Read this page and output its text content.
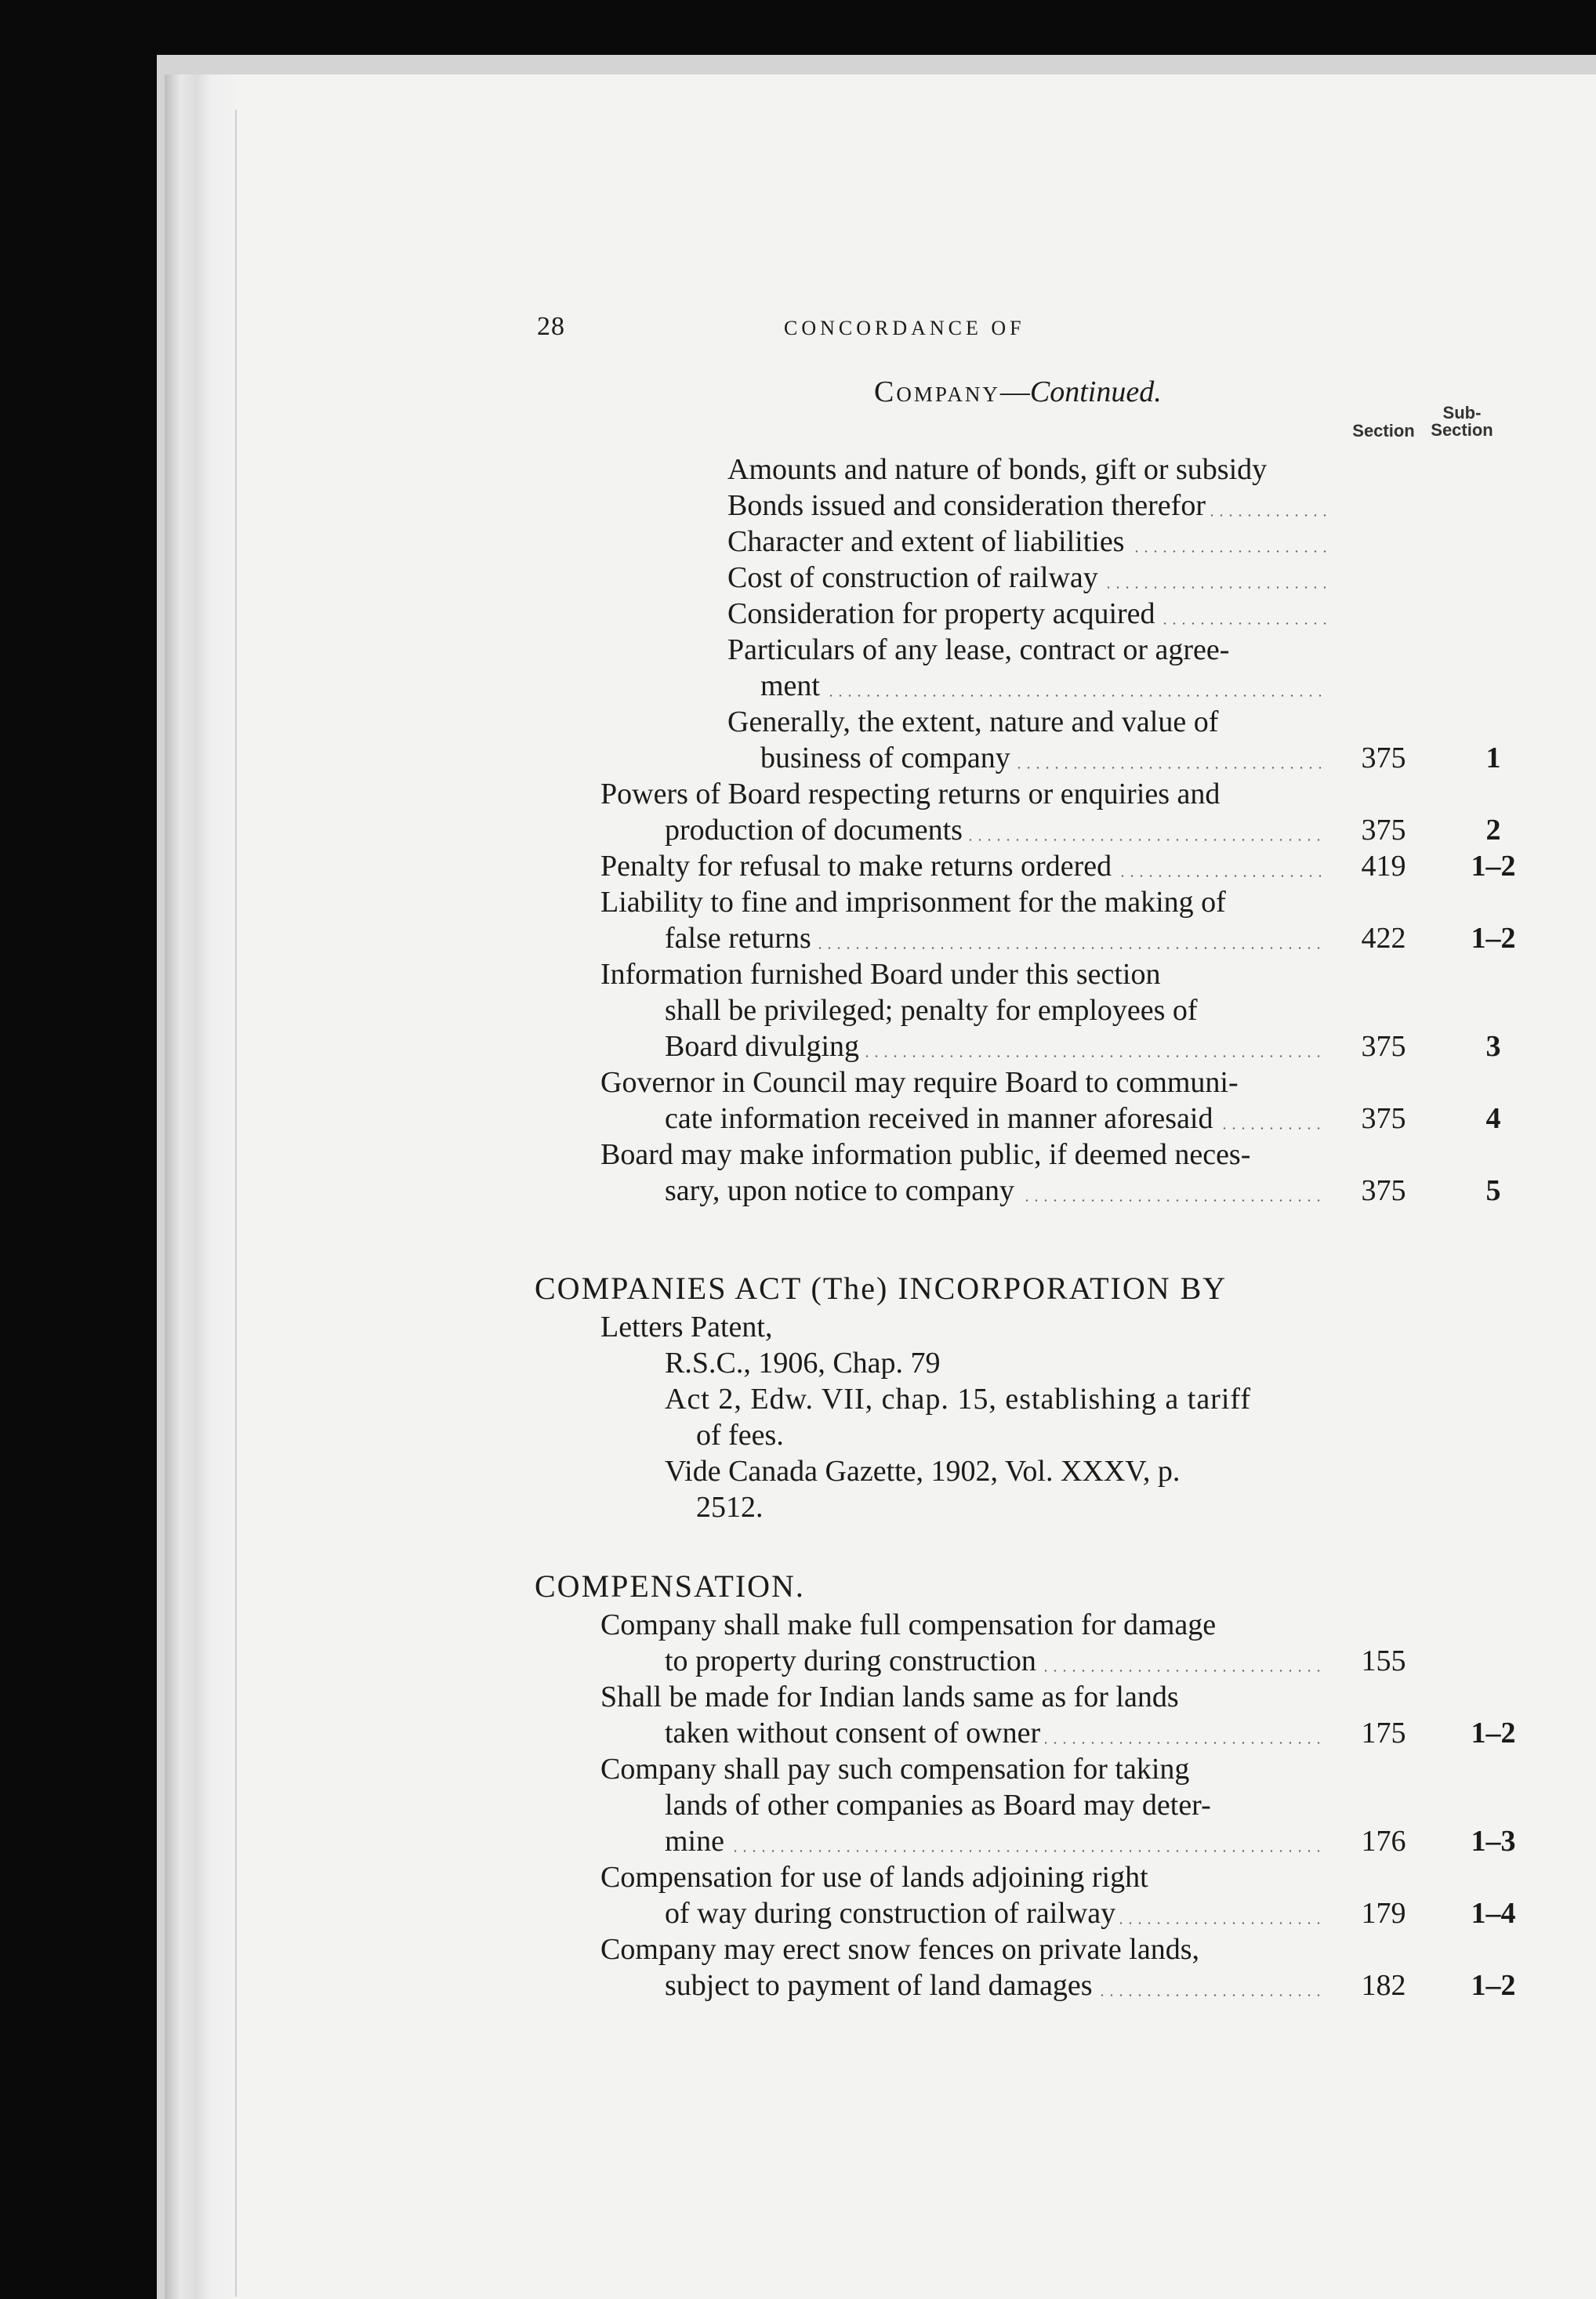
28	CONCORDANCE OF
Company—Continued.
Section
Sub-
Section
Amounts and nature of bonds, gift or subsidy
Bonds issued and consideration therefor
Character and extent of liabilities
Cost of construction of railway
Consideration for property acquired
Particulars of any lease, contract or agree-
ment
Generally, the extent, nature and value of
business of company	375	1
Powers of Board respecting returns or enquiries and
production of documents	375	2
Penalty for refusal to make returns ordered	419	1–2
Liability to fine and imprisonment for the making of
false returns	422	1–2
Information furnished Board under this section
shall be privileged; penalty for employees of
Board divulging	375	3
Governor in Council may require Board to communi-
cate information received in manner aforesaid	375	4
Board may make information public, if deemed neces-
sary, upon notice to company	375	5
COMPANIES ACT (The) INCORPORATION BY
Letters Patent,
R.S.C., 1906, Chap. 79
Act 2, Edw. VII, chap. 15, establishing a tariff
of fees.
Vide Canada Gazette, 1902, Vol. XXXV, p.
2512.
COMPENSATION.
Company shall make full compensation for damage
to property during construction	155
Shall be made for Indian lands same as for lands
taken without consent of owner	175	1–2
Company shall pay such compensation for taking
lands of other companies as Board may deter-
mine	176	1–3
Compensation for use of lands adjoining right
of way during construction of railway	179	1–4
Company may erect snow fences on private lands,
subject to payment of land damages	182	1–2
